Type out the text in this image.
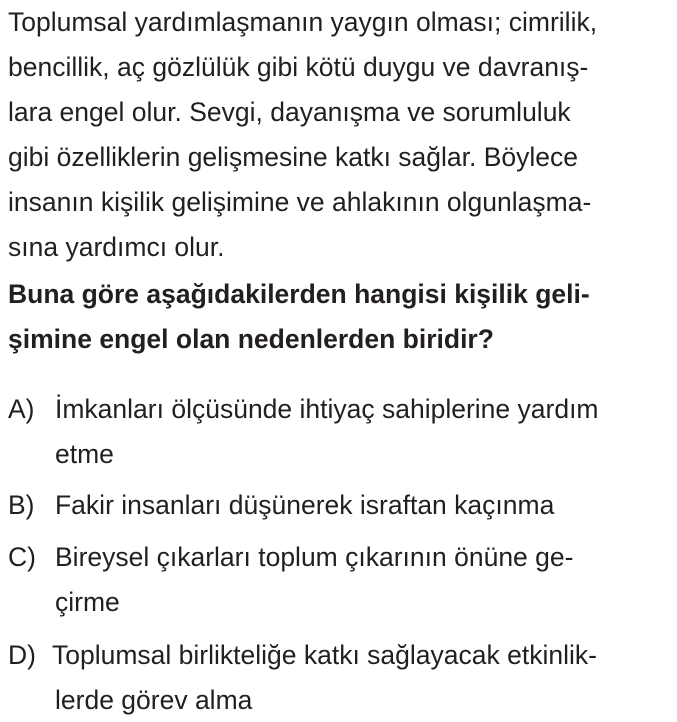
Toplumsal yardımlaşmanın yaygın olması; cimrilik,
bencillik, aç gözlülük gibi kötü duygu ve davranış-
lara engel olur. Sevgi, dayanışma ve sorumluluk
gibi özelliklerin gelişmesine katkı sağlar. Böylece
insanın kişilik gelişimine ve ahlakının olgunlaşma-
sına yardımcı olur.
Buna göre aşağıdakilerden hangisi kişilik geli-
şimine engel olan nedenlerden biridir?
A) İmkanları ölçüsünde ihtiyaç sahiplerine yardım
etme
B) Fakir insanları düşünerek israftan kaçınma
C) Bireysel çıkarları toplum çıkarının önüne ge-
çirme
D) Toplumsal birlikteliğe katkı sağlayacak etkinlik-
lerde görev alma
